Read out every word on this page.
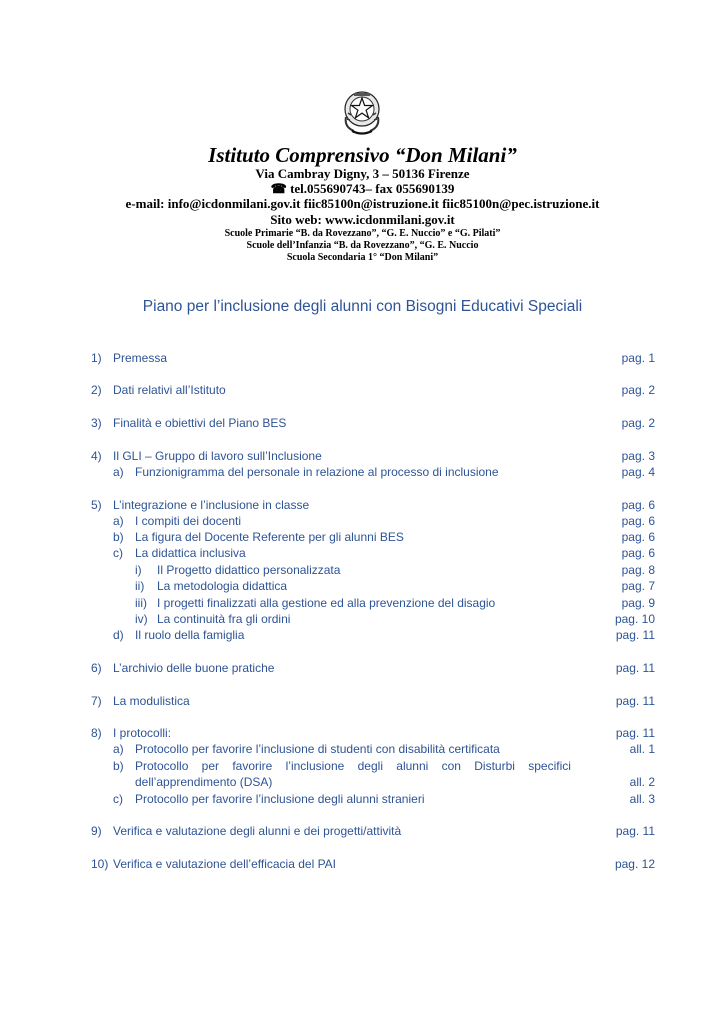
Istituto Comprensivo “Don Milani”
Via Cambray Digny, 3 – 50136 Firenze
☎ tel.055690743– fax 055690139
e-mail: info@icdonmilani.gov.it fiic85100n@istruzione.it fiic85100n@pec.istruzione.it
Sito web: www.icdonmilani.gov.it
Scuole Primarie “B. da Rovezzano”, “G. E. Nuccio” e “G. Pilati”
Scuole dell’Infanzia “B. da Rovezzano”, “G. E. Nuccio
Scuola Secondaria 1° “Don Milani”
Piano per l’inclusione degli alunni con Bisogni Educativi Speciali
1) Premessa	pag. 1
2) Dati relativi all’Istituto	pag. 2
3) Finalità e obiettivi del Piano BES	pag. 2
4) Il GLI – Gruppo di lavoro sull’Inclusione	pag. 3
a) Funzionigramma del personale in relazione al processo di inclusione	pag. 4
5) L’integrazione e l’inclusione in classe	pag. 6
a) I compiti dei docenti	pag. 6
b) La figura del Docente Referente per gli alunni BES	pag. 6
c) La didattica inclusiva	pag. 6
i) Il Progetto didattico personalizzata	pag. 8
ii) La metodologia didattica	pag. 7
iii) I progetti finalizzati alla gestione ed alla prevenzione del disagio	pag. 9
iv) La continuità fra gli ordini	pag. 10
d) Il ruolo della famiglia	pag. 11
6) L’archivio delle buone pratiche	pag. 11
7) La modulistica	pag. 11
8) I protocolli:	pag. 11
a) Protocollo per favorire l’inclusione di studenti con disabilità certificata	all. 1
b) Protocollo per favorire l’inclusione degli alunni con Disturbi specifici
dell’apprendimento (DSA)	all. 2
c) Protocollo per favorire l’inclusione degli alunni stranieri	all. 3
9) Verifica e valutazione degli alunni e dei progetti/attività	pag. 11
10) Verifica e valutazione dell’efficacia del PAI	pag. 12
